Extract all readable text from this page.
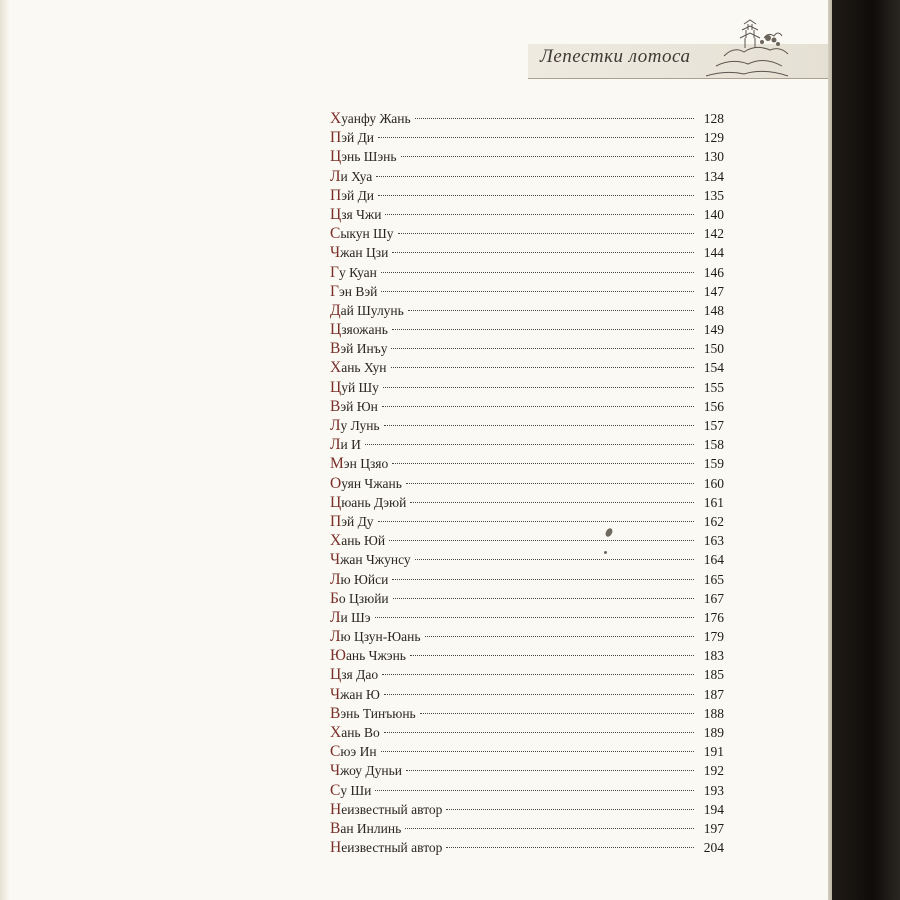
Лепестки лотоса
Хуанфу Жань	128
Пэй Ди	129
Цэнь Шэнь	130
Ли Хуа	134
Пэй Ди	135
Цзя Чжи	140
Сыкун Шу	142
Чжан Цзи	144
Гу Куан	146
Гэн Вэй	147
Дай Шулунь	148
Цзяожань	149
Вэй Инъу	150
Хань Хун	154
Цуй Шу	155
Вэй Юн	156
Лу Лунь	157
Ли И	158
Мэн Цзяо	159
Оуян Чжань	160
Цюань Дэюй	161
Пэй Ду	162
Хань Юй	163
Чжан Чжунсу	164
Лю Юйси	165
Бо Цзюйи	167
Ли Шэ	176
Лю Цзун-Юань	179
Юань Чжэнь	183
Цзя Дао	185
Чжан Ю	187
Вэнь Тинъюнь	188
Хань Во	189
Сюэ Ин	191
Чжоу Дуньи	192
Су Ши	193
Неизвестный автор	194
Ван Инлинь	197
Неизвестный автор	204
